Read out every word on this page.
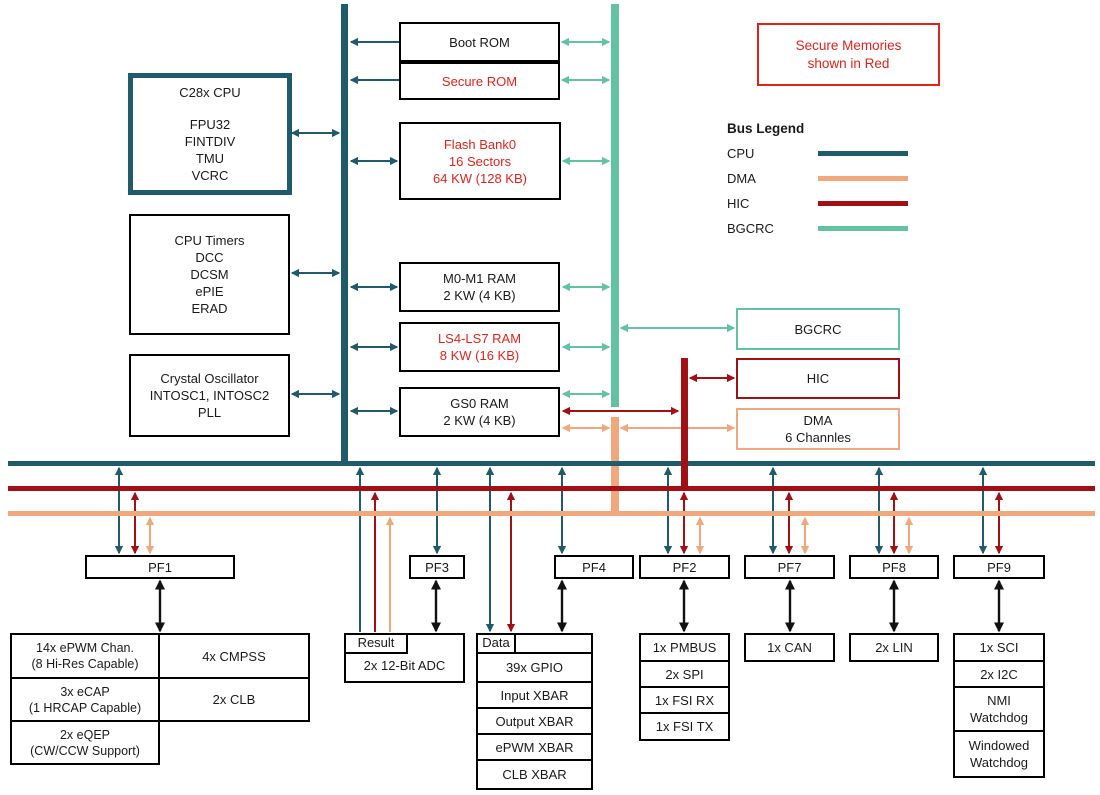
Secure Memories
shown in Red
Bus Legend
CPU
DMA
HIC
BGCRC
C28x CPU
FPU32
FINTDIV
TMU
VCRC
CPU Timers
DCC
DCSM
ePIE
ERAD
Crystal Oscillator
INTOSC1, INTOSC2
PLL
Boot ROM
Secure ROM
Flash Bank0
16 Sectors
64 KW (128 KB)
M0-M1 RAM
2 KW (4 KB)
LS4-LS7 RAM
8 KW (16 KB)
GS0 RAM
2 KW (4 KB)
BGCRC
HIC
DMA
6 Channles
PF1	PF3	PF4	PF2	PF7	PF8	PF9
14x ePWM Chan.
(8 Hi-Res Capable)
3x eCAP
(1 HRCAP Capable)
2x eQEP
(CW/CCW Support)
4x CMPSS
2x CLB
Result
2x 12-Bit ADC
Data
39x GPIO
Input XBAR
Output XBAR
ePWM XBAR
CLB XBAR
1x PMBUS
2x SPI
1x FSI RX
1x FSI TX
1x CAN	2x LIN	1x SCI
2x I2C
NMI
Watchdog
Windowed
Watchdog
